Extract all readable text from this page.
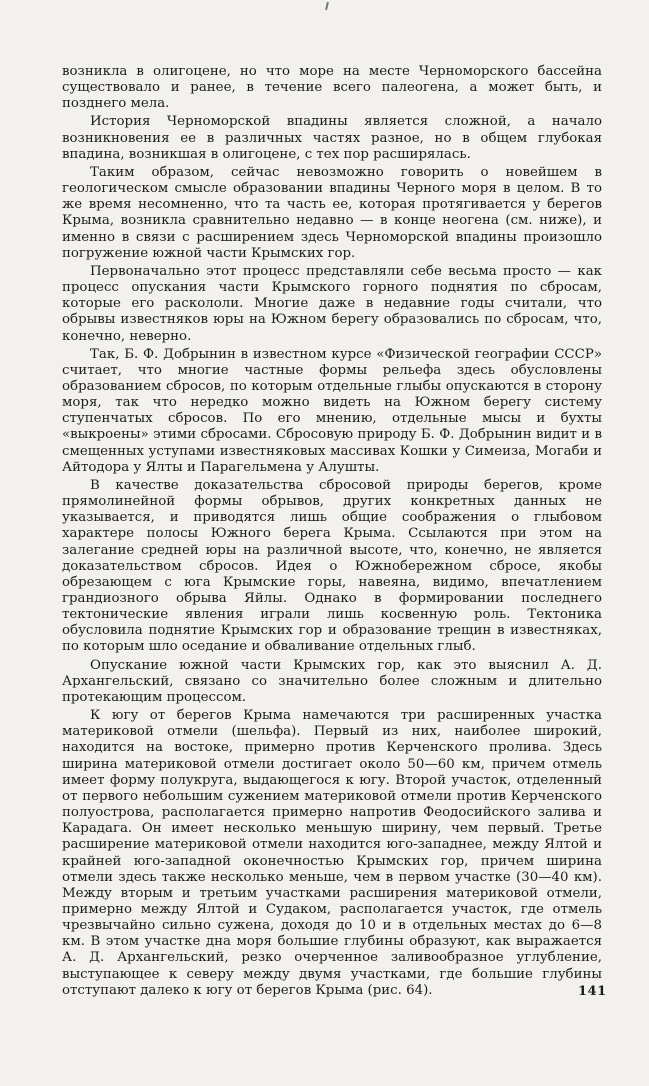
возникла в олигоцене, но что море на месте Черноморского бассейна существовало и ранее, в течение всего палеогена, а может быть, и позднего мела.

История Черноморской впадины является сложной, а начало возникновения ее в различных частях разное, но в общем глубокая впадина, возникшая в олигоцене, с тех пор расширялась.

Таким образом, сейчас невозможно говорить о новейшем в геологическом смысле образовании впадины Черного моря в целом. В то же время несомненно, что та часть ее, которая протягивается у берегов Крыма, возникла сравнительно недавно — в конце неогена (см. ниже), и именно в связи с расширением здесь Черноморской впадины произошло погружение южной части Крымских гор.

Первоначально этот процесс представляли себе весьма просто — как процесс опускания части Крымского горного поднятия по сбросам, которые его раскололи. Многие даже в недавние годы считали, что обрывы известняков юры на Южном берегу образовались по сбросам, что, конечно, неверно.

Так, Б. Ф. Добрынин в известном курсе «Физической географии СССР» считает, что многие частные формы рельефа здесь обусловлены образованием сбросов, по которым отдельные глыбы опускаются в сторону моря, так что нередко можно видеть на Южном берегу систему ступенчатых сбросов. По его мнению, отдельные мысы и бухты «выкроены» этими сбросами. Сбросовую природу Б. Ф. Добрынин видит и в смещенных уступами известняковых массивах Кошки у Симеиза, Могаби и Айтодора у Ялты и Парагельмена у Алушты.

В качестве доказательства сбросовой природы берегов, кроме прямолинейной формы обрывов, других конкретных данных не указывается, и приводятся лишь общие соображения о глыбовом характере полосы Южного берега Крыма. Ссылаются при этом на залегание средней юры на различной высоте, что, конечно, не является доказательством сбросов. Идея о Южнобережном сбросе, якобы обрезающем с юга Крымские горы, навеяна, видимо, впечатлением грандиозного обрыва Яйлы. Однако в формировании последнего тектонические явления играли лишь косвенную роль. Тектоника обусловила поднятие Крымских гор и образование трещин в известняках, по которым шло оседание и обваливание отдельных глыб.

Опускание южной части Крымских гор, как это выяснил А. Д. Архангельский, связано со значительно более сложным и длительно протекающим процессом.

К югу от берегов Крыма намечаются три расширенных участка материковой отмели (шельфа). Первый из них, наиболее широкий, находится на востоке, примерно против Керченского пролива. Здесь ширина материковой отмели достигает около 50—60 км, причем отмель имеет форму полукруга, выдающегося к югу. Второй участок, отделенный от первого небольшим сужением материковой отмели против Керченского полуострова, располагается примерно напротив Феодосийского залива и Карадага. Он имеет несколько меньшую ширину, чем первый. Третье расширение материковой отмели находится юго-западнее, между Ялтой и крайней юго-западной оконечностью Крымских гор, причем ширина отмели здесь также несколько меньше, чем в первом участке (30—40 км). Между вторым и третьим участками расширения материковой отмели, примерно между Ялтой и Судаком, располагается участок, где отмель чрезвычайно сильно сужена, доходя до 10 и в отдельных местах до 6—8 км. В этом участке дна моря большие глубины образуют, как выражается А. Д. Архангельский, резко очерченное заливообразное углубление, выступающее к северу между двумя участками, где большие глубины отступают далеко к югу от берегов Крыма (рис. 64).	141
